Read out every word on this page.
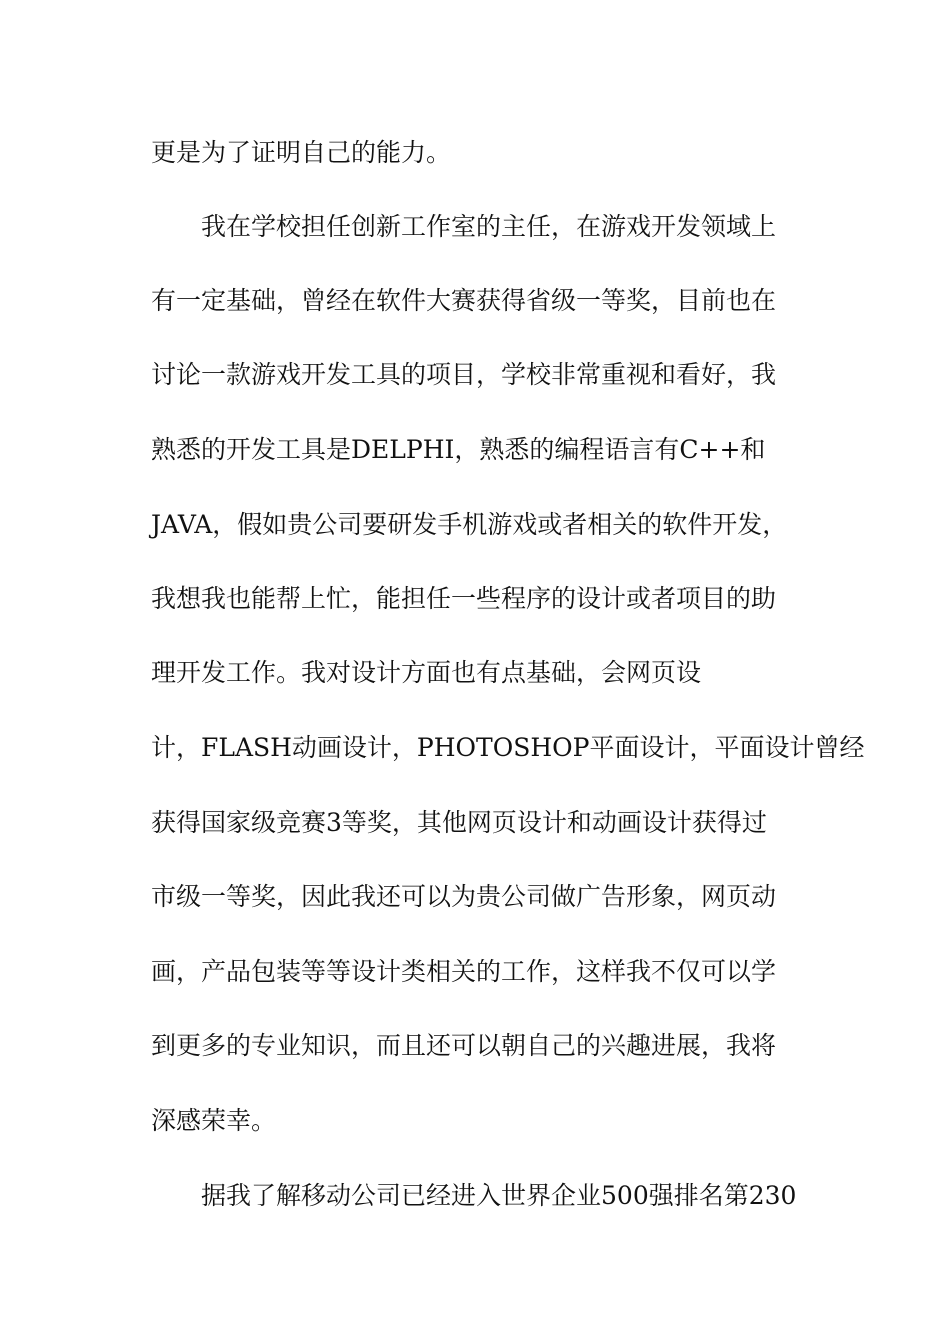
更是为了证明自己的能力。
我在学校担任创新工作室的主任，在游戏开发领域上
有一定基础，曾经在软件大赛获得省级一等奖，目前也在
讨论一款游戏开发工具的项目，学校非常重视和看好，我
熟悉的开发工具是DELPHI，熟悉的编程语言有C++和
JAVA，假如贵公司要研发手机游戏或者相关的软件开发，
我想我也能帮上忙，能担任一些程序的设计或者项目的助
理开发工作。我对设计方面也有点基础，会网页设
计，FLASH动画设计，PHOTOSHOP平面设计，平面设计曾经
获得国家级竞赛3等奖，其他网页设计和动画设计获得过
市级一等奖，因此我还可以为贵公司做广告形象，网页动
画，产品包装等等设计类相关的工作，这样我不仅可以学
到更多的专业知识，而且还可以朝自己的兴趣进展，我将
深感荣幸。
据我了解移动公司已经进入世界企业500强排名第230
